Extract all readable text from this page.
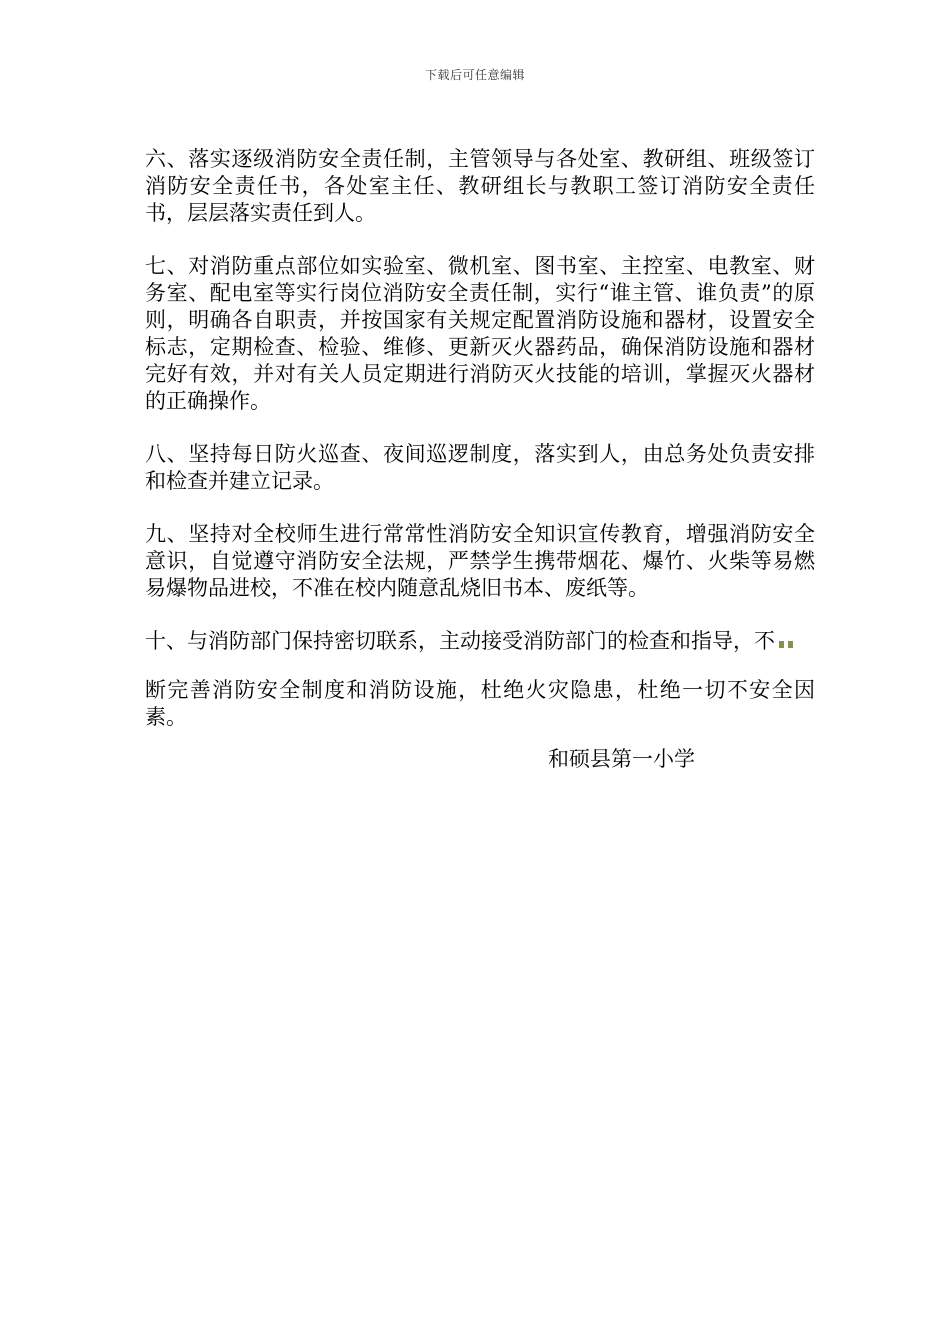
下载后可任意编辑

六、落实逐级消防安全责任制，主管领导与各处室、教研组、班级签订消防安全责任书，各处室主任、教研组长与教职工签订消防安全责任书，层层落实责任到人。

七、对消防重点部位如实验室、微机室、图书室、主控室、电教室、财务室、配电室等实行岗位消防安全责任制，实行“谁主管、谁负责”的原则，明确各自职责，并按国家有关规定配置消防设施和器材，设置安全标志，定期检查、检验、维修、更新灭火器药品，确保消防设施和器材完好有效，并对有关人员定期进行消防灭火技能的培训，掌握灭火器材的正确操作。

八、坚持每日防火巡查、夜间巡逻制度，落实到人，由总务处负责安排和检查并建立记录。

九、坚持对全校师生进行常常性消防安全知识宣传教育，增强消防安全意识，自觉遵守消防安全法规，严禁学生携带烟花、爆竹、火柴等易燃易爆物品进校，不准在校内随意乱烧旧书本、废纸等。

十、与消防部门保持密切联系，主动接受消防部门的检查和指导，不

断完善消防安全制度和消防设施，杜绝火灾隐患，杜绝一切不安全因素。

和硕县第一小学
